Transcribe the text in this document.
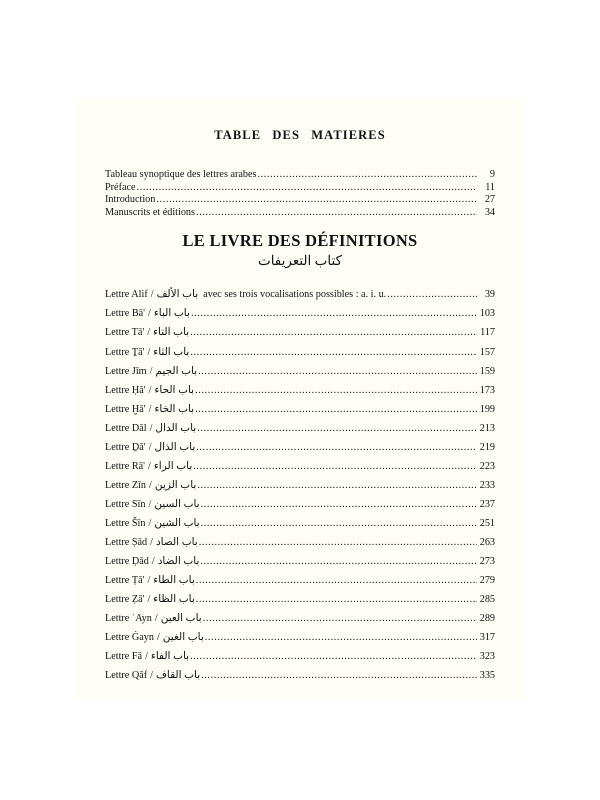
TABLE DES MATIERES
Tableau synoptique des lettres arabes .....	9
Préface .....	11
Introduction .....	27
Manuscrits et éditions .....	34
LE LIVRE DES DÉFINITIONS
كتاب التعريفات
Lettre Alif / باب الألف avec ses trois vocalisations possibles : a. i. u. .....	39
Lettre Bā' / باب الباء .....	103
Lettre Tā' / باب التاء .....	117
Lettre Ṯā' / باب الثاء .....	157
Lettre Jīm / باب الجيم .....	159
Lettre Ḥā' / باب الحاء .....	173
Lettre Ḫā' / باب الخاء .....	199
Lettre Dāl / باب الدال .....	213
Lettre Ḏā' / باب الذال .....	219
Lettre Rā' / باب الراء .....	223
Lettre Zīn / باب الزين .....	233
Lettre Sīn / باب السين .....	237
Lettre Šīn / باب الشين .....	251
Lettre Ṣād / باب الصاد .....	263
Lettre Ḍād / باب الضاد .....	273
Lettre Ṭā' / باب الطاء .....	279
Lettre Ẓā' / باب الظاء .....	285
Lettre ʿAyn / باب العين .....	289
Lettre Ġayn / باب الغين .....	317
Lettre Fā / باب الفاء .....	323
Lettre Qāf / باب القاف .....	335
